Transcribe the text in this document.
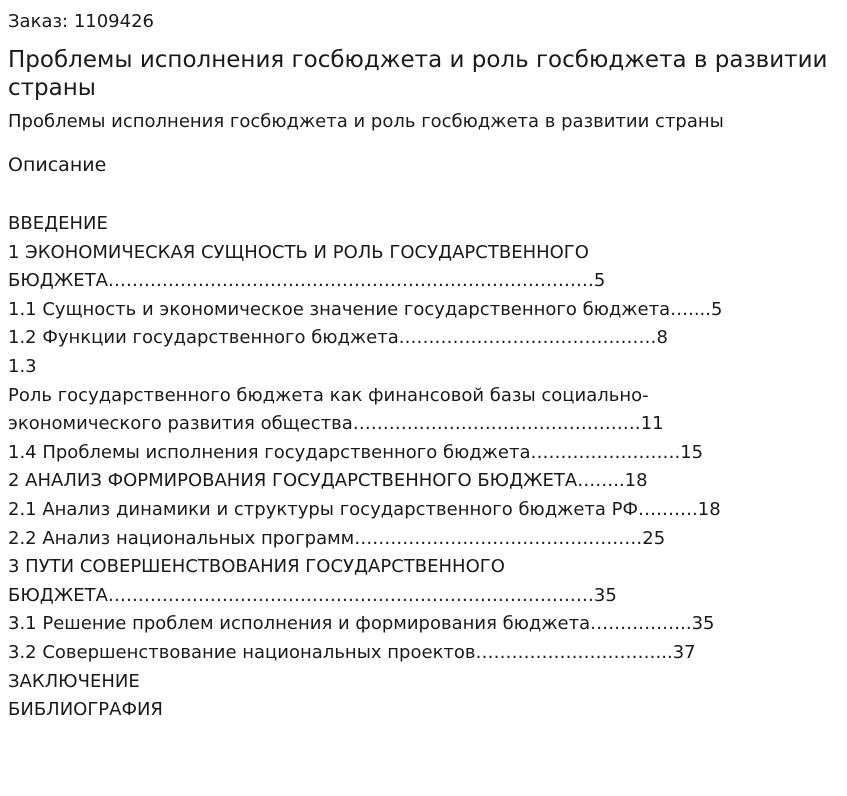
Заказ: 1109426
Проблемы исполнения госбюджета и роль госбюджета в развитии страны
Проблемы исполнения госбюджета и роль госбюджета в развитии страны
Описание
ВВЕДЕНИЕ
1 ЭКОНОМИЧЕСКАЯ СУЩНОСТЬ И РОЛЬ ГОСУДАРСТВЕННОГО
БЮДЖЕТА………………………………………………………………………5
1.1 Сущность и экономическое значение государственного бюджета…....5
1.2 Функции государственного бюджета.……………………………………8
1.3
Роль государственного бюджета как финансовой базы социально-
экономического развития общества…………………………………………11
1.4 Проблемы исполнения государственного бюджета…………………….15
2 АНАЛИЗ ФОРМИРОВАНИЯ ГОСУДАРСТВЕННОГО БЮДЖЕТА……..18
2.1 Анализ динамики и структуры государственного бюджета РФ……….18
2.2 Анализ национальных программ…………………………………………25
3 ПУТИ СОВЕРШЕНСТВОВАНИЯ ГОСУДАРСТВЕННОГО
БЮДЖЕТА………………………………………………………………………35
3.1 Решение проблем исполнения и формирования бюджета……………..35
3.2 Совершенствование национальных проектов…………………………...37
ЗАКЛЮЧЕНИЕ
БИБЛИОГРАФИЯ
